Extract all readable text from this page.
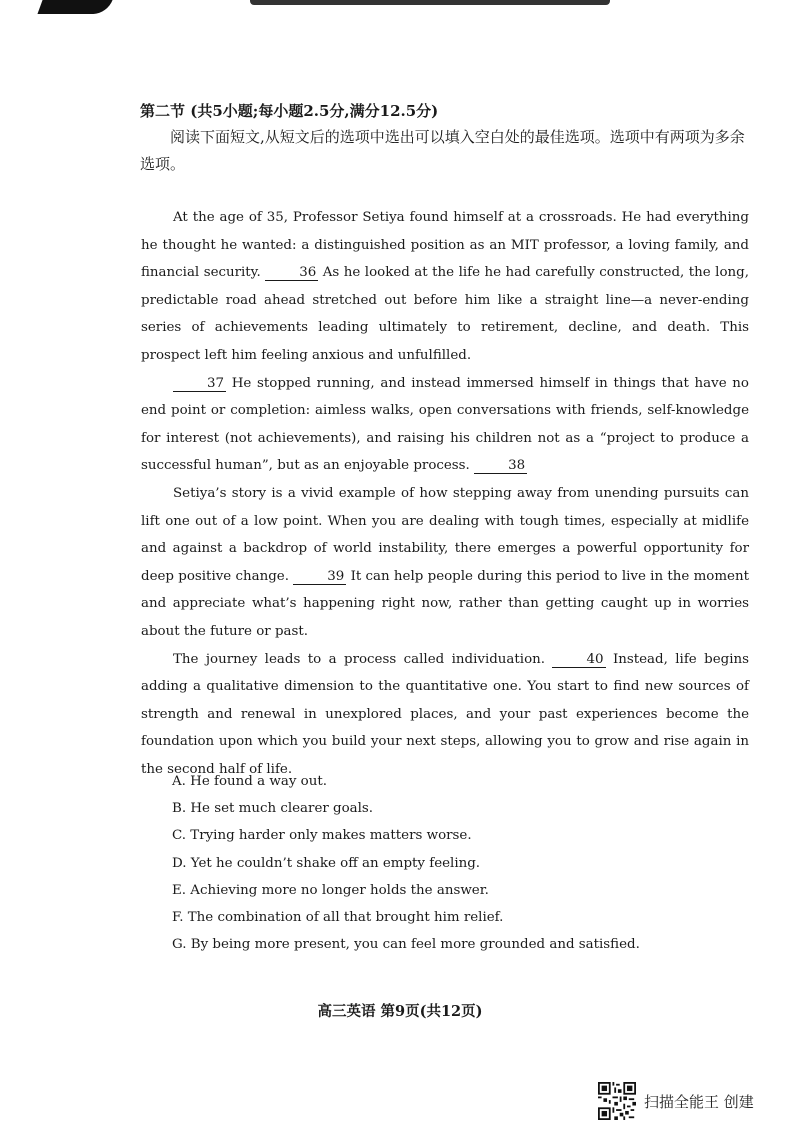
第二节 (共5小题;每小题2.5分,满分12.5分)
阅读下面短文,从短文后的选项中选出可以填入空白处的最佳选项。选项中有两项为多余选项。

At the age of 35, Professor Setiya found himself at a crossroads. He had everything he thought he wanted: a distinguished position as an MIT professor, a loving family, and financial security.	36 As he looked at the life he had carefully constructed, the long, predictable road ahead stretched out before him like a straight line—a never-ending series of achievements leading ultimately to retirement, decline, and death. This prospect left him feeling anxious and unfulfilled.

37 He stopped running, and instead immersed himself in things that have no end point or completion: aimless walks, open conversations with friends, self-knowledge for interest (not achievements), and raising his children not as a “project to produce a successful human”, but as an enjoyable process.	38

Setiya’s story is a vivid example of how stepping away from unending pursuits can lift one out of a low point. When you are dealing with tough times, especially at midlife and against a backdrop of world instability, there emerges a powerful opportunity for deep positive change.	39 It can help people during this period to live in the moment and appreciate what’s happening right now, rather than getting caught up in worries about the future or past.

The journey leads to a process called individuation.	40 Instead, life begins adding a qualitative dimension to the quantitative one. You start to find new sources of strength and renewal in unexplored places, and your past experiences become the foundation upon which you build your next steps, allowing you to grow and rise again in the second half of life.

A. He found a way out.

B. He set much clearer goals.

C. Trying harder only makes matters worse.

D. Yet he couldn’t shake off an empty feeling.

E. Achieving more no longer holds the answer.

F. The combination of all that brought him relief.

G. By being more present, you can feel more grounded and satisfied.

高三英语 第9页(共12页)
扫描全能王 创建
